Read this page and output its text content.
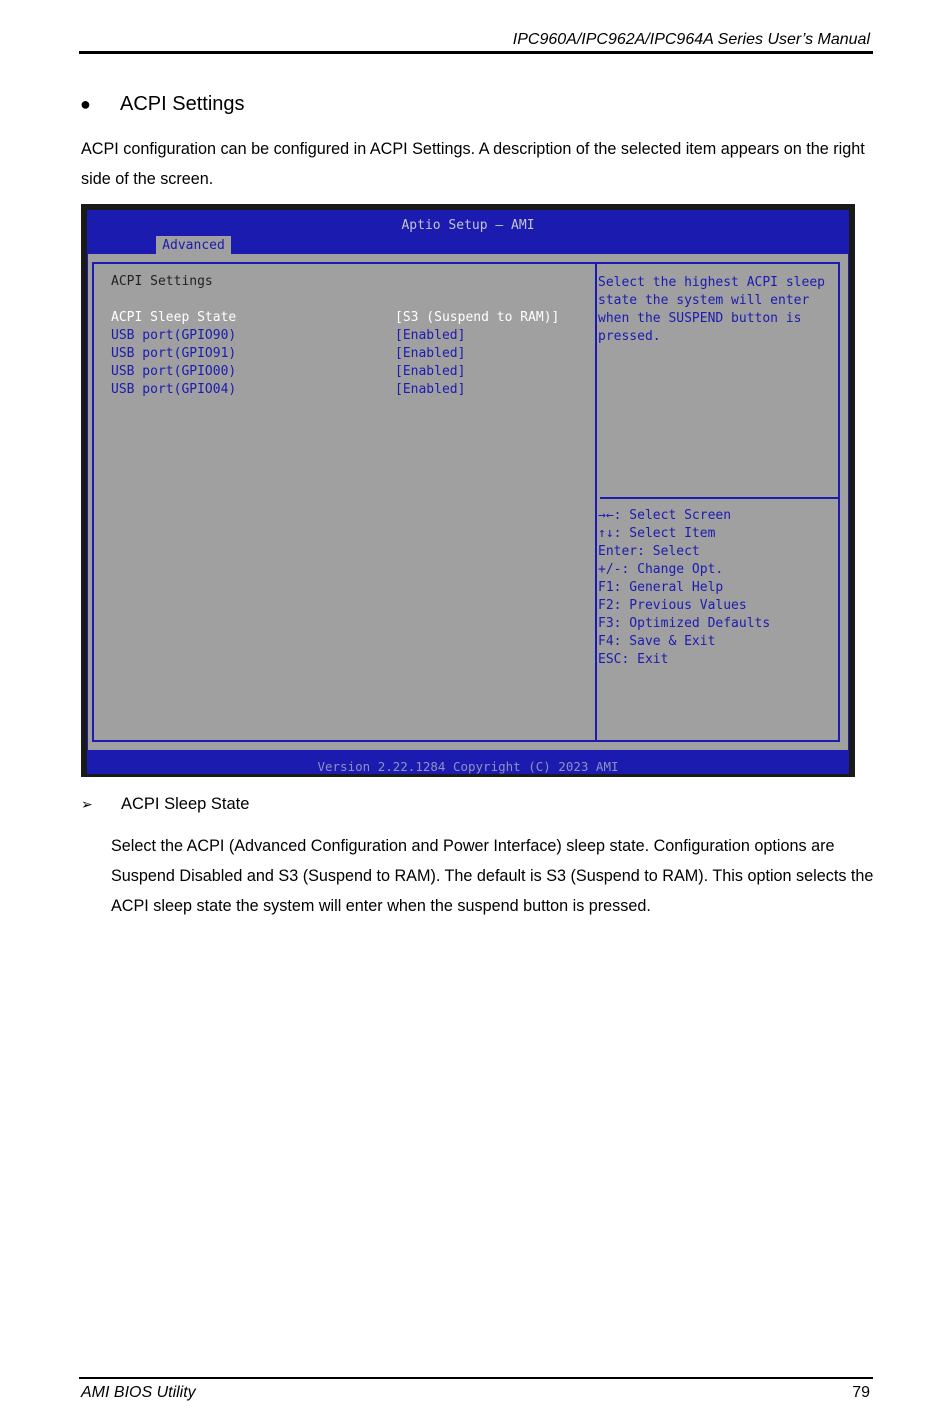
IPC960A/IPC962A/IPC964A Series User’s Manual
●	ACPI Settings
ACPI configuration can be configured in ACPI Settings. A description of the selected item appears on the right side of the screen.
Aptio Setup – AMI
Advanced
ACPI Settings
ACPI Sleep State	[S3 (Suspend to RAM)]
USB port(GPIO90)	[Enabled]
USB port(GPIO91)	[Enabled]
USB port(GPIO00)	[Enabled]
USB port(GPIO04)	[Enabled]
Select the highest ACPI sleep state the system will enter when the SUSPEND button is pressed.
→←: Select Screen
↑↓: Select Item
Enter: Select
+/-: Change Opt.
F1: General Help
F2: Previous Values
F3: Optimized Defaults
F4: Save & Exit
ESC: Exit
Version 2.22.1284 Copyright (C) 2023 AMI
➢	ACPI Sleep State
Select the ACPI (Advanced Configuration and Power Interface) sleep state. Configuration options are Suspend Disabled and S3 (Suspend to RAM). The default is S3 (Suspend to RAM). This option selects the ACPI sleep state the system will enter when the suspend button is pressed.
AMI BIOS Utility	79
